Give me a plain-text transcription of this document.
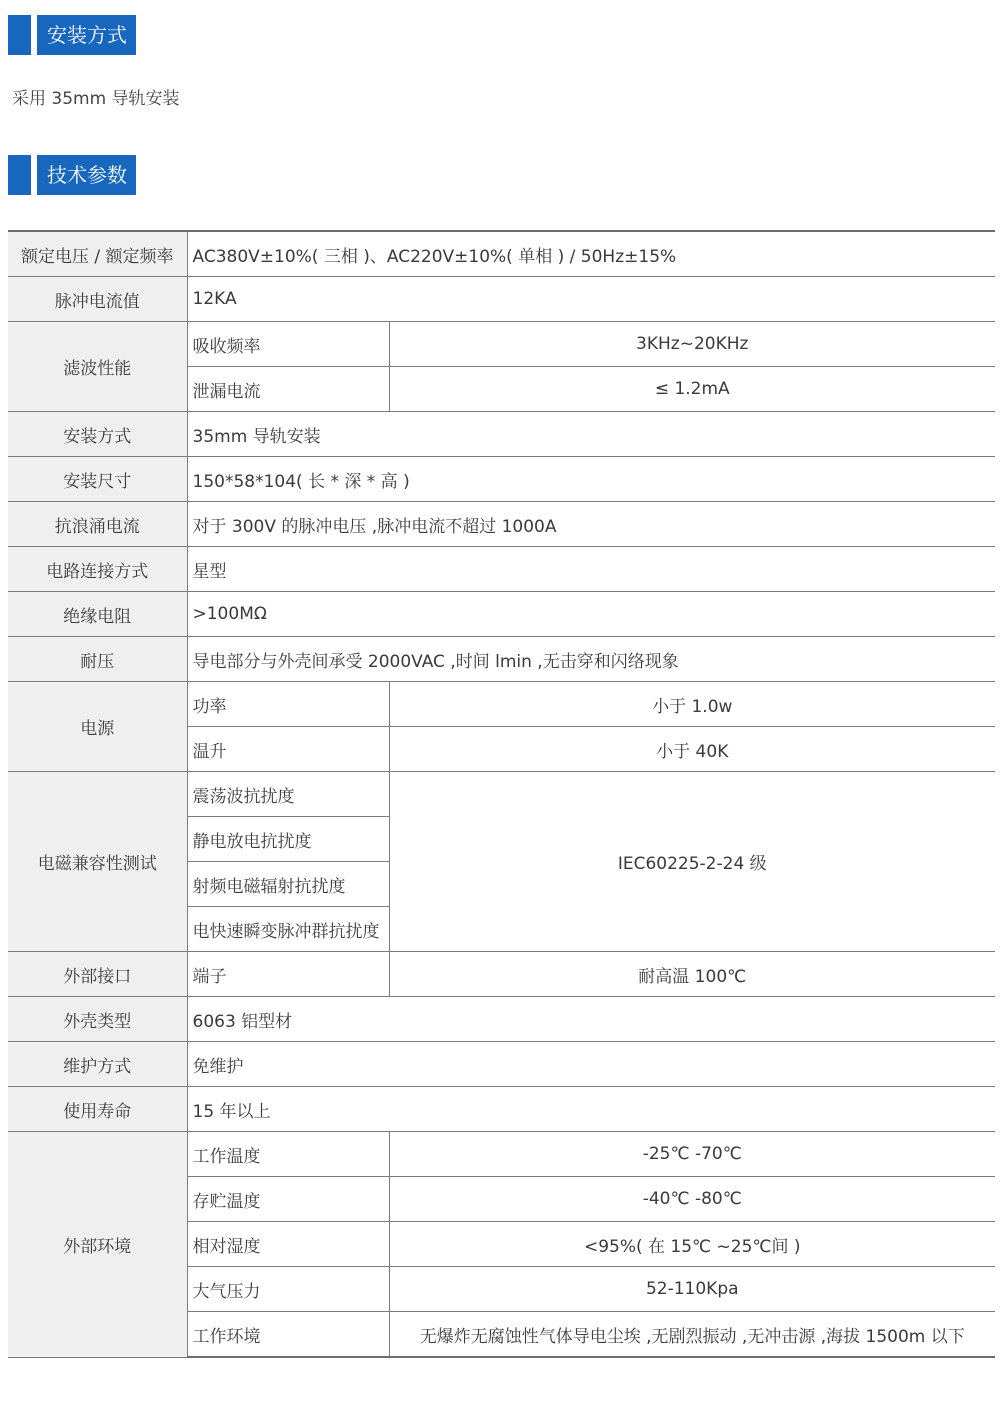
安装方式
采用 35mm 导轨安装
技术参数
额定电压 / 额定频率	AC380V±10%( 三相 )、AC220V±10%( 单相 ) / 50Hz±15%	
脉冲电流值	12KA	
滤波性能	吸收频率	3KHz~20KHz
	泄漏电流	≤ 1.2mA
安装方式	35mm 导轨安装	
安装尺寸	150*58*104( 长 * 深 * 高 )	
抗浪涌电流	对于 300V 的脉冲电压 ,脉冲电流不超过 1000A	
电路连接方式	星型	
绝缘电阻	>100MΩ	
耐压	导电部分与外壳间承受 2000VAC ,时间 lmin ,无击穿和闪络现象	
电源	功率	小于 1.0w
	温升	小于 40K
电磁兼容性测试	震荡波抗扰度	IEC60225-2-24 级
	静电放电抗扰度	
	射频电磁辐射抗扰度	
	电快速瞬变脉冲群抗扰度	
外部接口	端子	耐高温 100℃
外壳类型	6063 铝型材	
维护方式	免维护	
使用寿命	15 年以上	
外部环境	工作温度	-25℃ -70℃
	存贮温度	-40℃ -80℃
	相对湿度	<95%( 在 15℃ ~25℃间 )
	大气压力	52-110Kpa
	工作环境	无爆炸无腐蚀性气体导电尘埃 ,无剧烈振动 ,无冲击源 ,海拔 1500m 以下
